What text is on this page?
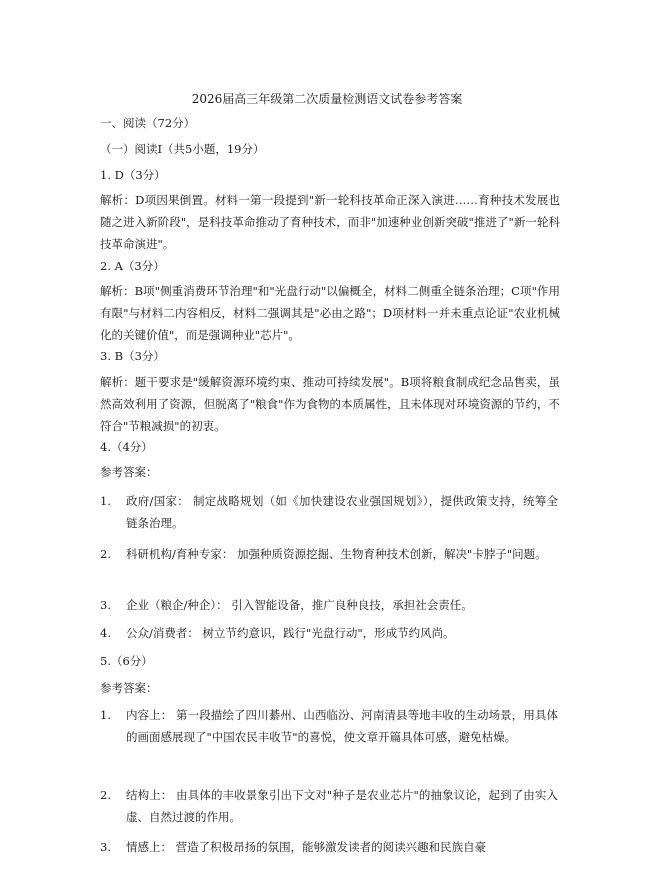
2026届高三年级第二次质量检测语文试卷参考答案
一、阅读（72分）
（一）阅读Ⅰ（共5小题，19分）
1. D（3分）
解析：D项因果倒置。材料一第一段提到"新一轮科技革命正深入演进……育种技术发展也随之进入新阶段"，是科技革命推动了育种技术，而非"加速种业创新突破"推进了"新一轮科技革命演进"。
2. A（3分）
解析：B项"侧重消费环节治理"和"光盘行动"以偏概全，材料二侧重全链条治理；C项"作用有限"与材料二内容相反，材料二强调其是"必由之路"；D项材料一并未重点论证"农业机械化的关键价值"，而是强调种业"芯片"。
3. B（3分）
解析：题干要求是"缓解资源环境约束、推动可持续发展"。B项将粮食制成纪念品售卖，虽然高效利用了资源，但脱离了"粮食"作为食物的本质属性，且未体现对环境资源的节约，不符合"节粮减损"的初衷。
4.（4分）
参考答案：
1.	政府/国家： 制定战略规划（如《加快建设农业强国规划》），提供政策支持，统筹全链条治理。
2.	科研机构/育种专家： 加强种质资源挖掘、生物育种技术创新，解决"卡脖子"问题。
3.	企业（粮企/种企）： 引入智能设备，推广良种良技，承担社会责任。
4.	公众/消费者： 树立节约意识，践行"光盘行动"，形成节约风尚。
5.（6分）
参考答案：
1.	内容上： 第一段描绘了四川綦州、山西临汾、河南清县等地丰收的生动场景，用具体的画面感展现了"中国农民丰收节"的喜悦，使文章开篇具体可感，避免枯燥。
2.	结构上： 由具体的丰收景象引出下文对"种子是农业芯片"的抽象议论，起到了由实入虚、自然过渡的作用。
3.	情感上： 营造了积极昂扬的氛围，能够激发读者的阅读兴趣和民族自豪
